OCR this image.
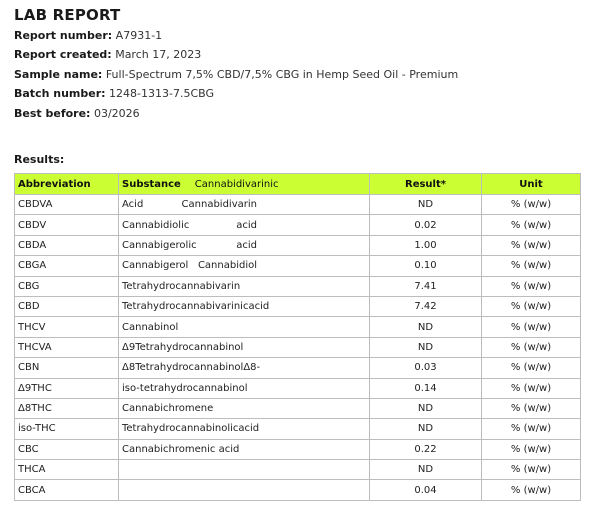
LAB REPORT
Report number: A7931-1
Report created: March 17, 2023
Sample name: Full-Spectrum 7,5% CBD/7,5% CBG in Hemp Seed Oil - Premium
Batch number: 1248-1313-7.5CBG
Best before: 03/2026
Results:
Abbreviation	Substance Cannabidivarinic	Result*	Unit
CBDVA	Acid Cannabidivarin	ND	% (w/w)
CBDV	Cannabidiolic acid	0.02	% (w/w)
CBDA	Cannabigerolic acid	1.00	% (w/w)
CBGA	Cannabigerol Cannabidiol	0.10	% (w/w)
CBG	Tetrahydrocannabivarin	7.41	% (w/w)
CBD	Tetrahydrocannabivarinicacid	7.42	% (w/w)
THCV	Cannabinol	ND	% (w/w)
THCVA	Δ9Tetrahydrocannabinol	ND	% (w/w)
CBN	Δ8Tetrahydrocannabinol Δ8-	0.03	% (w/w)
Δ9THC	iso-tetrahydrocannabinol	0.14	% (w/w)
Δ8THC	Cannabichromene	ND	% (w/w)
iso-THC	Tetrahydrocannabinolicacid	ND	% (w/w)
CBC	Cannabichromenic acid	0.22	% (w/w)
THCA		ND	% (w/w)
CBCA		0.04	% (w/w)
